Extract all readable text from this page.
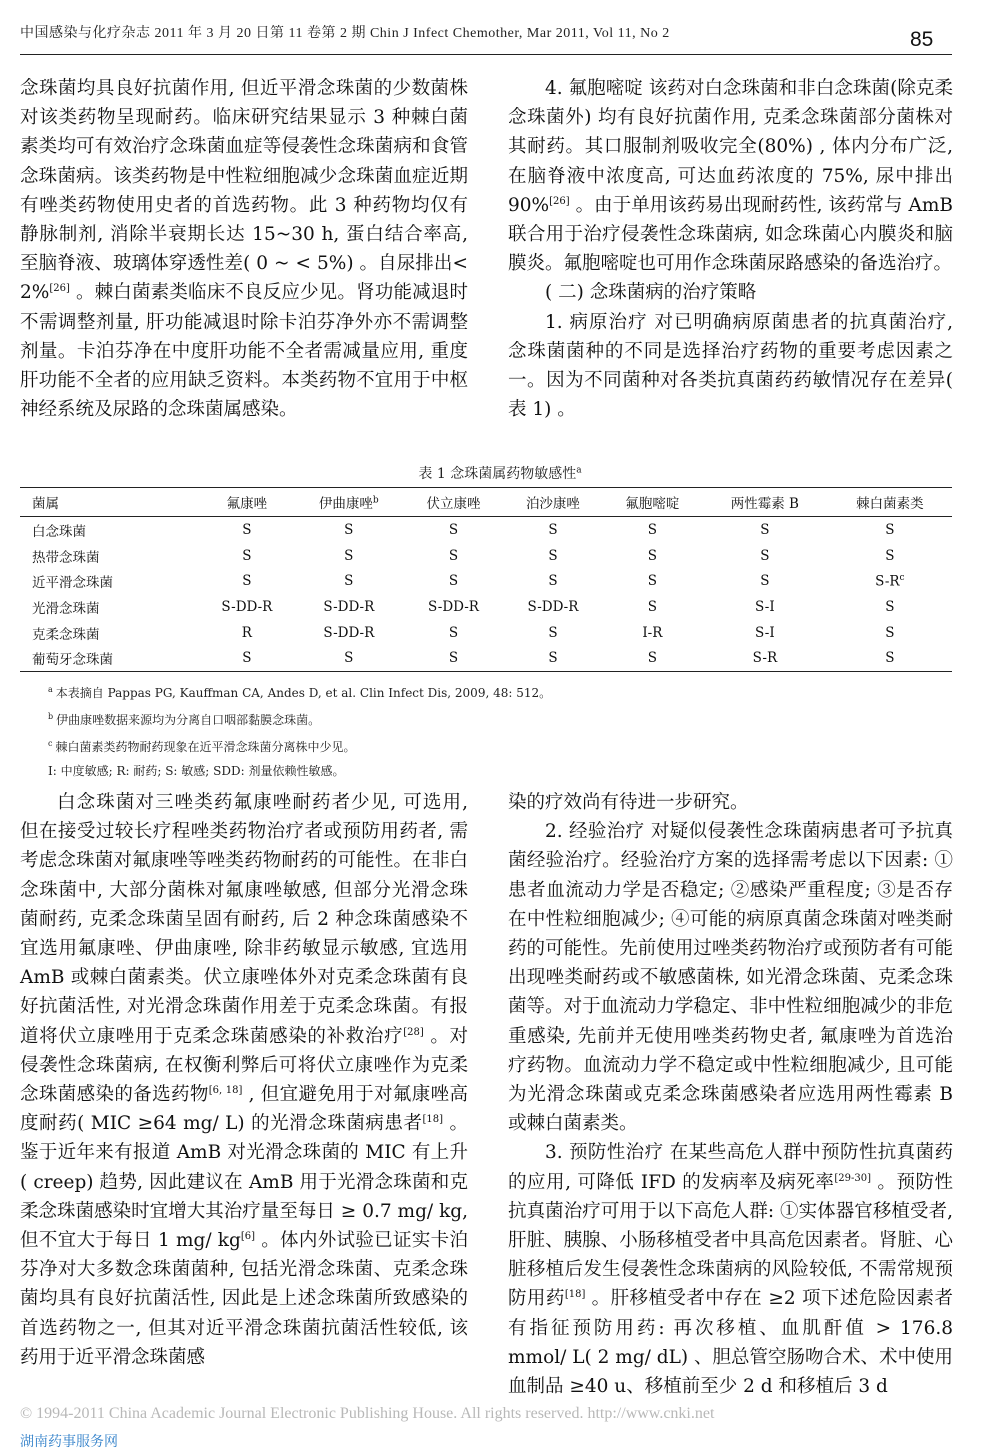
中国感染与化疗杂志 2011 年 3 月 20 日第 11 卷第 2 期 Chin J Infect Chemother, Mar 2011, Vol 11, No 2	85

念珠菌均具良好抗菌作用, 但近平滑念珠菌的少数菌株对该类药物呈现耐药。临床研究结果显示 3 种棘白菌素类均可有效治疗念珠菌血症等侵袭性念珠菌病和食管念珠菌病。该类药物是中性粒细胞减少念珠菌血症近期有唑类药物使用史者的首选药物。此 3 种药物均仅有静脉制剂, 消除半衰期长达 15~30 h, 蛋白结合率高, 至脑脊液、玻璃体穿透性差( 0 ~ < 5%) 。自尿排出< 2%[26] 。棘白菌素类临床不良反应少见。肾功能减退时不需调整剂量, 肝功能减退时除卡泊芬净外亦不需调整剂量。卡泊芬净在中度肝功能不全者需减量应用, 重度肝功能不全者的应用缺乏资料。本类药物不宜用于中枢神经系统及尿路的念珠菌属感染。

4. 氟胞嘧啶 该药对白念珠菌和非白念珠菌(除克柔念珠菌外) 均有良好抗菌作用, 克柔念珠菌部分菌株对其耐药。其口服制剂吸收完全(80%) , 体内分布广泛, 在脑脊液中浓度高, 可达血药浓度的 75%, 尿中排出 90%[26] 。由于单用该药易出现耐药性, 该药常与 AmB 联合用于治疗侵袭性念珠菌病, 如念珠菌心内膜炎和脑膜炎。氟胞嘧啶也可用作念珠菌尿路感染的备选治疗。

( 二) 念珠菌病的治疗策略

1. 病原治疗 对已明确病原菌患者的抗真菌治疗, 念珠菌菌种的不同是选择治疗药物的重要考虑因素之一。因为不同菌种对各类抗真菌药药敏情况存在差异( 表 1) 。

表 1 念珠菌属药物敏感性$^a$
菌属	氟康唑	伊曲康唑$^b$	伏立康唑	泊沙康唑	氟胞嘧啶	两性霉素 B	棘白菌素类
白念珠菌	S	S	S	S	S	S	S
热带念珠菌	S	S	S	S	S	S	S
近平滑念珠菌	S	S	S	S	S	S	$S-R^c$
光滑念珠菌	S-DD-R	S-DD-R	S-DD-R	S-DD-R	S	S-I	S
克柔念珠菌	R	S-DD-R	S	S	I-R	S-I	S
葡萄牙念珠菌	S	S	S	S	S	S-R	S
$^a$ 本表摘自 Pappas PG, Kauffman CA, Andes D, et al. Clin Infect Dis, 2009, 48: 512。
$^b$ 伊曲康唑数据来源均为分离自口咽部黏膜念珠菌。
$^c$ 棘白菌素类药物耐药现象在近平滑念珠菌分离株中少见。
I: 中度敏感; R: 耐药; S: 敏感; SDD: 剂量依赖性敏感。

白念珠菌对三唑类药氟康唑耐药者少见, 可选用, 但在接受过较长疗程唑类药物治疗者或预防用药者, 需考虑念珠菌对氟康唑等唑类药物耐药的可能性。在非白念珠菌中, 大部分菌株对氟康唑敏感, 但部分光滑念珠菌耐药, 克柔念珠菌呈固有耐药, 后 2 种念珠菌感染不宜选用氟康唑、伊曲康唑, 除非药敏显示敏感, 宜选用 AmB 或棘白菌素类。伏立康唑体外对克柔念珠菌有良好抗菌活性, 对光滑念珠菌作用差于克柔念珠菌。有报道将伏立康唑用于克柔念珠菌感染的补救治疗[28] 。对侵袭性念珠菌病, 在权衡利弊后可将伏立康唑作为克柔念珠菌感染的备选药物[6, 18] , 但宜避免用于对氟康唑高度耐药( MIC ≥64 mg/ L) 的光滑念珠菌病患者[18] 。鉴于近年来有报道 AmB 对光滑念珠菌的 MIC 有上升( creep) 趋势, 因此建议在 AmB 用于光滑念珠菌和克柔念珠菌感染时宜增大其治疗量至每日 ≥ 0.7 mg/ kg, 但不宜大于每日 1 mg/ kg[6] 。体内外试验已证实卡泊芬净对大多数念珠菌菌种, 包括光滑念珠菌、克柔念珠菌均具有良好抗菌活性, 因此是上述念珠菌所致感染的首选药物之一, 但其对近平滑念珠菌抗菌活性较低, 该药用于近平滑念珠菌感

染的疗效尚有待进一步研究。

2. 经验治疗 对疑似侵袭性念珠菌病患者可予抗真菌经验治疗。经验治疗方案的选择需考虑以下因素: ①患者血流动力学是否稳定; ②感染严重程度; ③是否存在中性粒细胞减少; ④可能的病原真菌念珠菌对唑类耐药的可能性。先前使用过唑类药物治疗或预防者有可能出现唑类耐药或不敏感菌株, 如光滑念珠菌、克柔念珠菌等。对于血流动力学稳定、非中性粒细胞减少的非危重感染, 先前并无使用唑类药物史者, 氟康唑为首选治疗药物。血流动力学不稳定或中性粒细胞减少, 且可能为光滑念珠菌或克柔念珠菌感染者应选用两性霉素 B 或棘白菌素类。

3. 预防性治疗 在某些高危人群中预防性抗真菌药的应用, 可降低 IFD 的发病率及病死率[29-30] 。预防性抗真菌治疗可用于以下高危人群: ①实体器官移植受者, 肝脏、胰腺、小肠移植受者中具高危因素者。肾脏、心脏移植后发生侵袭性念珠菌病的风险较低, 不需常规预防用药[18] 。肝移植受者中存在 ≥2 项下述危险因素者有指征预防用药: 再次移植、血肌酐值 > 176.8 mmol/ L( 2 mg/ dL) 、胆总管空肠吻合术、术中使用血制品 ≥40 u、移植前至少 2 d 和移植后 3 d

© 1994-2011 China Academic Journal Electronic Publishing House. All rights reserved. http://www.cnki.net
湖南药事服务网
